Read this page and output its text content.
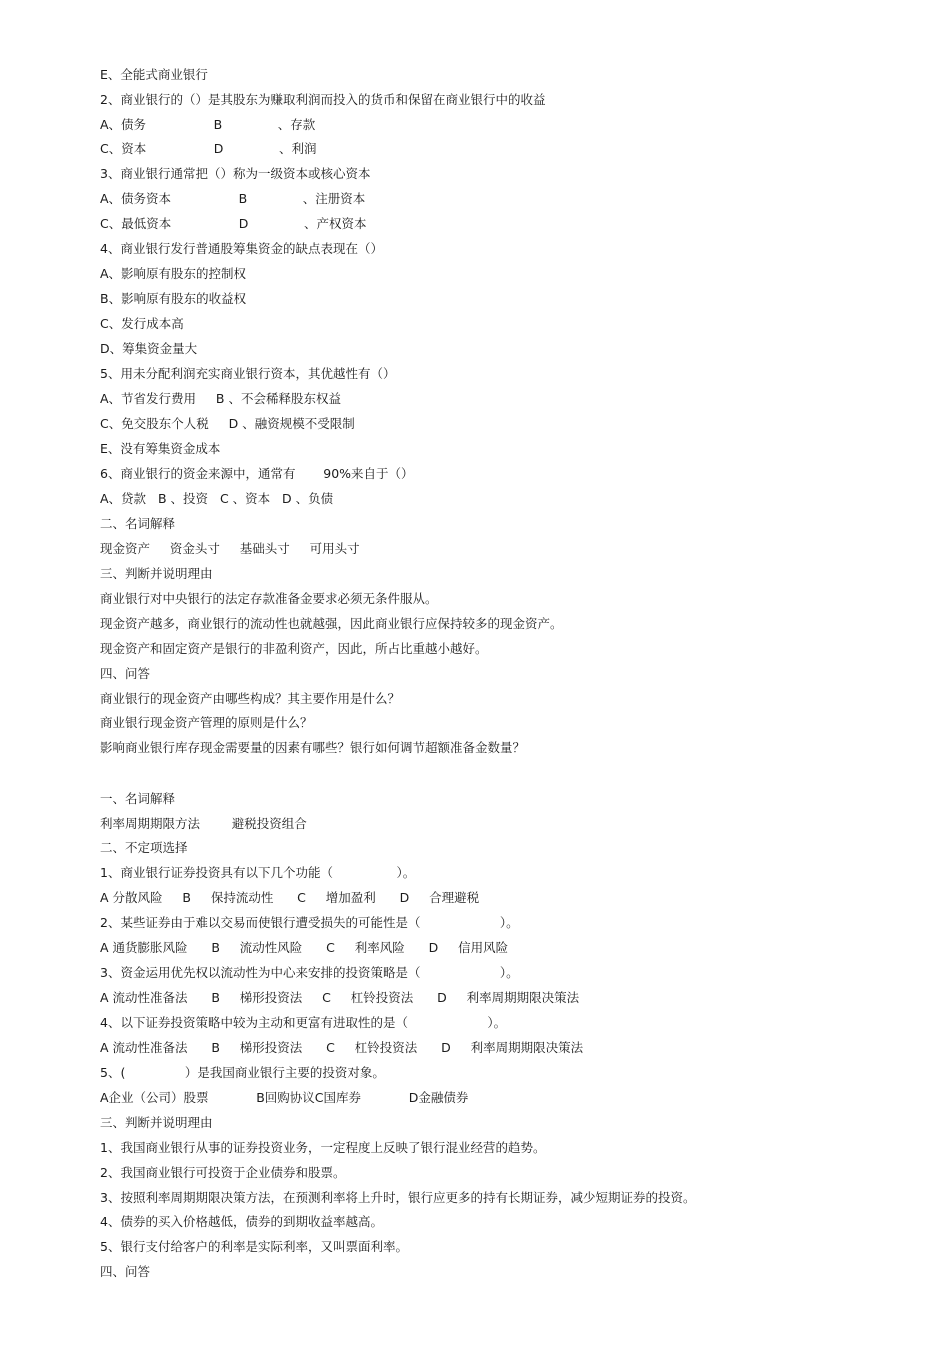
E、全能式商业银行

2、商业银行的（）是其股东为赚取利润而投入的货币和保留在商业银行中的收益

A、债务                 B              、存款

C、资本                 D              、利润

3、商业银行通常把（）称为一级资本或核心资本

A、债务资本                 B              、注册资本

C、最低资本                 D              、产权资本

4、商业银行发行普通股筹集资金的缺点表现在（）

A、影响原有股东的控制权

B、影响原有股东的收益权

C、发行成本高

D、筹集资金量大

5、用未分配利润充实商业银行资本，其优越性有（）

A、节省发行费用     B 、不会稀释股东权益

C、免交股东个人税     D 、融资规模不受限制

E、没有筹集资金成本

6、商业银行的资金来源中，通常有       90%来自于（）

A、贷款   B 、投资   C 、资本   D 、负债

二、名词解释

现金资产     资金头寸     基础头寸     可用头寸

三、判断并说明理由

商业银行对中央银行的法定存款准备金要求必须无条件服从。

现金资产越多，商业银行的流动性也就越强，因此商业银行应保持较多的现金资产。

现金资产和固定资产是银行的非盈利资产，因此，所占比重越小越好。

四、问答

商业银行的现金资产由哪些构成？其主要作用是什么？

商业银行现金资产管理的原则是什么？

影响商业银行库存现金需要量的因素有哪些？银行如何调节超额准备金数量？

一、名词解释

利率周期期限方法        避税投资组合

二、不定项选择

1、商业银行证券投资具有以下几个功能（                ）。

A 分散风险     B     保持流动性      C     增加盈利      D     合理避税

2、某些证券由于难以交易而使银行遭受损失的可能性是（                    ）。

A 通货膨胀风险      B     流动性风险      C     利率风险      D     信用风险

3、资金运用优先权以流动性为中心来安排的投资策略是（                    ）。

A 流动性准备法      B     梯形投资法     C     杠铃投资法      D     利率周期期限决策法

4、以下证券投资策略中较为主动和更富有进取性的是（                    ）。

A 流动性准备法      B     梯形投资法      C     杠铃投资法      D     利率周期期限决策法

5、(               ）是我国商业银行主要的投资对象。

A企业（公司）股票            B回购协议C国库券            D金融债券

三、判断并说明理由

1、我国商业银行从事的证券投资业务，一定程度上反映了银行混业经营的趋势。

2、我国商业银行可投资于企业债券和股票。

3、按照利率周期期限决策方法，在预测利率将上升时，银行应更多的持有长期证券，减少短期证券的投资。

4、债券的买入价格越低，债券的到期收益率越高。

5、银行支付给客户的利率是实际利率，又叫票面利率。

四、问答
